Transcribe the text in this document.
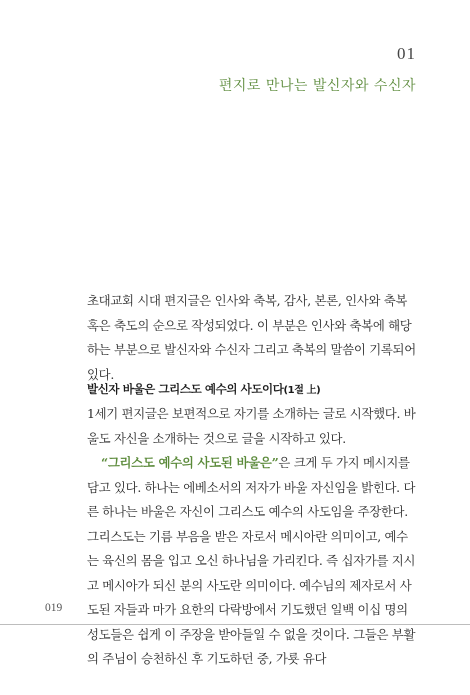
01
편지로 만나는 발신자와 수신자

초대교회 시대 편지글은 인사와 축복, 감사, 본론, 인사와 축복 혹은 축도의 순으로 작성되었다. 이 부분은 인사와 축복에 해당하는 부분으로 발신자와 수신자 그리고 축복의 말씀이 기록되어 있다.

발신자 바울은 그리스도 예수의 사도이다(1절 上)

1세기 편지글은 보편적으로 자기를 소개하는 글로 시작했다. 바울도 자신을 소개하는 것으로 글을 시작하고 있다.

“그리스도 예수의 사도된 바울은”은 크게 두 가지 메시지를 담고 있다. 하나는 에베소서의 저자가 바울 자신임을 밝힌다. 다른 하나는 바울은 자신이 그리스도 예수의 사도임을 주장한다. 그리스도는 기름 부음을 받은 자로서 메시아란 의미이고, 예수는 육신의 몸을 입고 오신 하나님을 가리킨다. 즉 십자가를 지시고 메시아가 되신 분의 사도란 의미이다. 예수님의 제자로서 사도된 자들과 마가 요한의 다락방에서 기도했던 일백 이십 명의 성도들은 쉽게 이 주장을 받아들일 수 없을 것이다. 그들은 부활의 주님이 승천하신 후 기도하던 중, 가룟 유다

019
